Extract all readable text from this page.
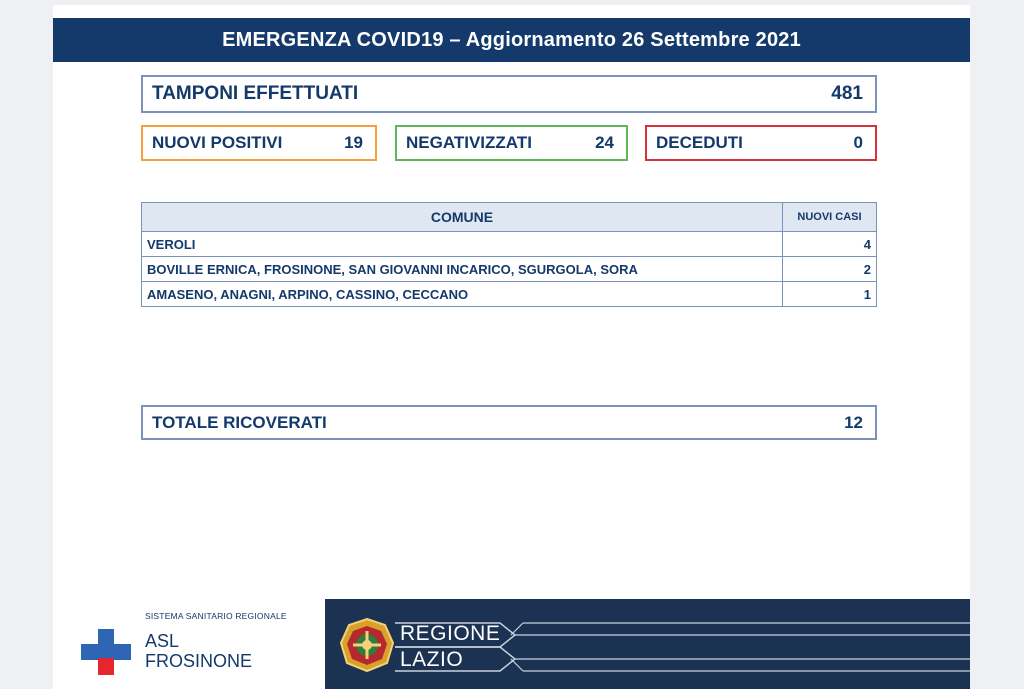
EMERGENZA COVID19 – Aggiornamento 26 Settembre 2021
TAMPONI EFFETTUATI	481
NUOVI POSITIVI	19	NEGATIVIZZATI	24 DECEDUTI	0
COMUNE	NUOVI CASI
VEROLI	4
BOVILLE ERNICA, FROSINONE, SAN GIOVANNI INCARICO, SGURGOLA, SORA	2
AMASENO, ANAGNI, ARPINO, CASSINO, CECCANO	1
TOTALE RICOVERATI	12
SISTEMA SANITARIO REGIONALE
ASL
FROSINONE
REGIONE
LAZIO
